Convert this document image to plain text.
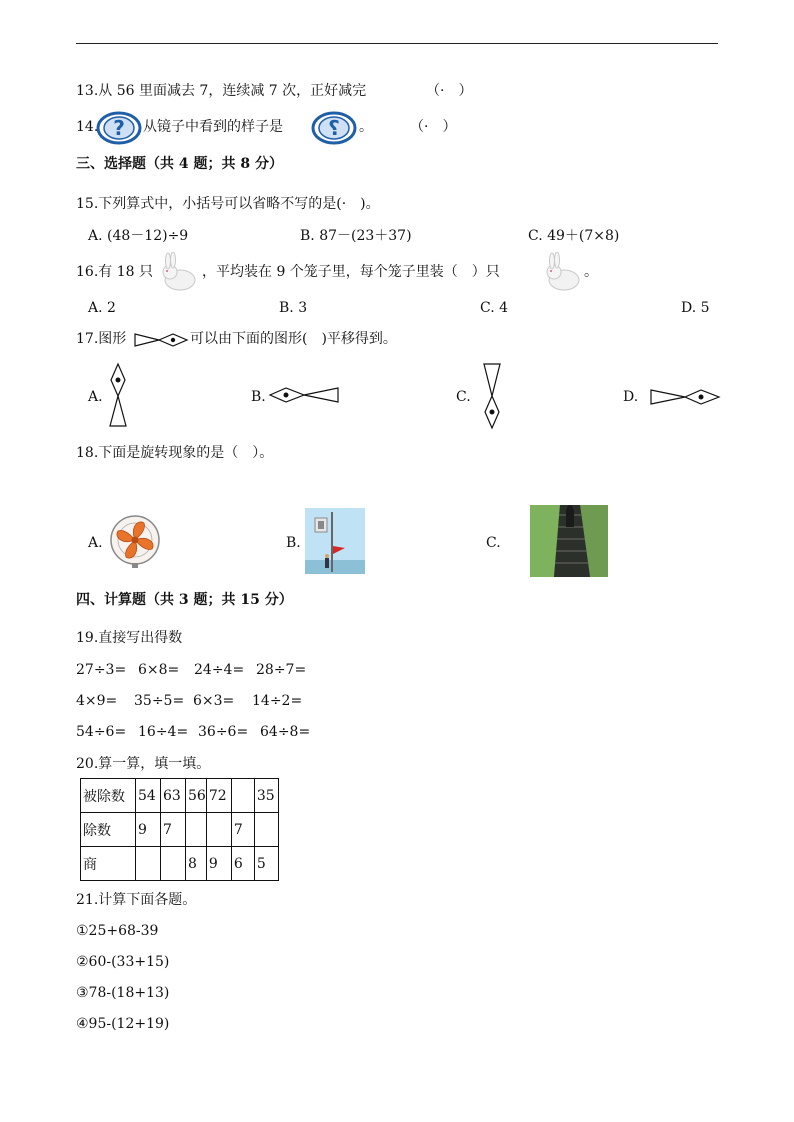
13.从 56 里面减去 7，连续减 7 次，正好减完	（·　）
14. ? 从镜子中看到的样子是 ? 。	（·　）
三、选择题（共 4 题；共 8 分）
15.下列算式中，小括号可以省略不写的是(·　)。
A. (48－12)÷9	B. 87－(23＋37)	C. 49＋(7×8)
16.有 18 只	，平均装在 9 个笼子里，每个笼子里装（　）只	。
A. 2	B. 3	C. 4	D. 5
17.图形	可以由下面的图形(　)平移得到。
A.	B.	C.	D.
18.下面是旋转现象的是（　）。
A.	B.	C.
四、计算题（共 3 题；共 15 分）
19.直接写出得数
27÷3= 6×8= 24÷4= 28÷7=
4×9= 35÷5= 6×3= 14÷2=
54÷6= 16÷4= 36÷6= 64÷8=
20.算一算，填一填。
被除数	54	63	56	72		35
除数	9	7			7	
商			8	9	6	5
21.计算下面各题。
①25+68-39
②60-(33+15)
③78-(18+13)
④95-(12+19)
